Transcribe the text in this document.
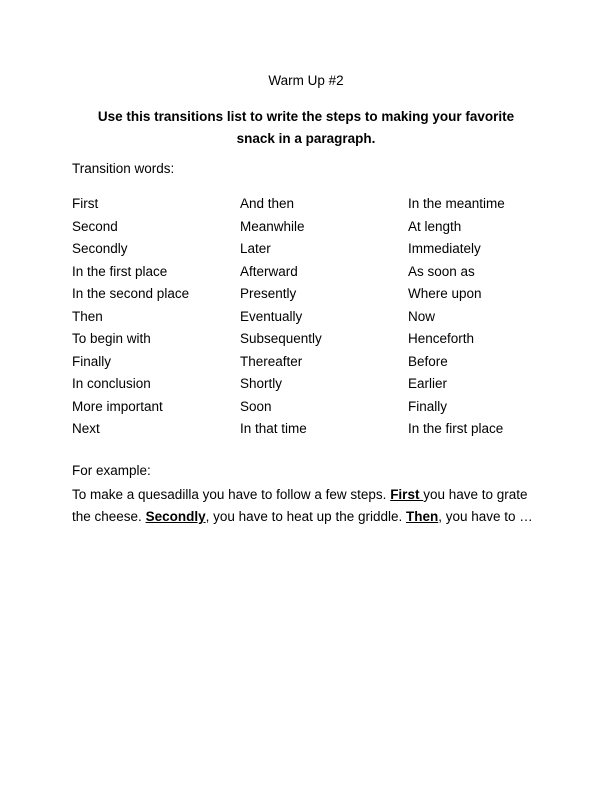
Warm Up #2
Use this transitions list to write the steps to making your favorite
snack in a paragraph.
Transition words:
First
Second
Secondly
In the first place
In the second place
Then
To begin with
Finally
In conclusion
More important
Next
And then
Meanwhile
Later
Afterward
Presently
Eventually
Subsequently
Thereafter
Shortly
Soon
In that time
In the meantime
At length
Immediately
As soon as
Where upon
Now
Henceforth
Before
Earlier
Finally
In the first place
For example:
To make a quesadilla you have to follow a few steps. First you have to grate the cheese. Secondly, you have to heat up the griddle. Then, you have to …
